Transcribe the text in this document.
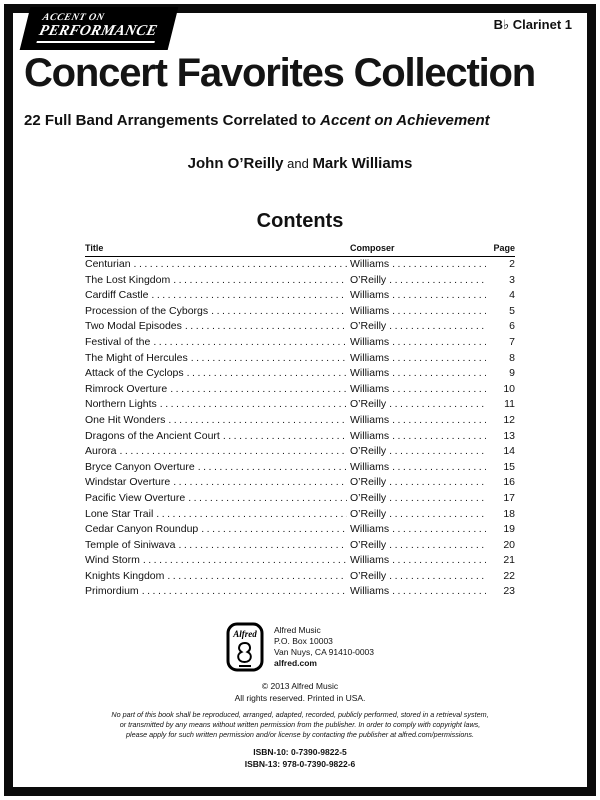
ACCENT ON
PERFORMANCE	B♭ Clarinet 1
Concert Favorites Collection
22 Full Band Arrangements Correlated to Accent on Achievement
John O’Reilly and Mark Williams
Contents
Title	Composer	Page
Centurian .....	Williams .....	2
The Lost Kingdom .....	O’Reilly .....	3
Cardiff Castle .....	Williams .....	4
Procession of the Cyborgs .....	Williams .....	5
Two Modal Episodes .....	O’Reilly .....	6
Festival of the .....	Williams .....	7
The Might of Hercules .....	Williams .....	8
Attack of the Cyclops .....	Williams .....	9
Rimrock Overture .....	Williams .....	10
Northern Lights .....	O’Reilly .....	11
One Hit Wonders .....	Williams .....	12
Dragons of the Ancient Court .....	Williams .....	13
Aurora .....	O’Reilly .....	14
Bryce Canyon Overture .....	Williams .....	15
Windstar Overture .....	O’Reilly .....	16
Pacific View Overture .....	O’Reilly .....	17
Lone Star Trail .....	O’Reilly .....	18
Cedar Canyon Roundup .....	Williams .....	19
Temple of Siniwava .....	O’Reilly .....	20
Wind Storm .....	Williams .....	21
Knights Kingdom .....	O’Reilly .....	22
Primordium .....	Williams .....	23
Alfred Alfred Music
P.O. Box 10003
Van Nuys, CA 91410-0003
alfred.com
© 2013 Alfred Music
All rights reserved. Printed in USA.
No part of this book shall be reproduced, arranged, adapted, recorded, publicly performed, stored in a retrieval system,
or transmitted by any means without written permission from the publisher. In order to comply with copyright laws,
please apply for such written permission and/or license by contacting the publisher at alfred.com/permissions.
ISBN-10: 0-7390-9822-5
ISBN-13: 978-0-7390-9822-6
